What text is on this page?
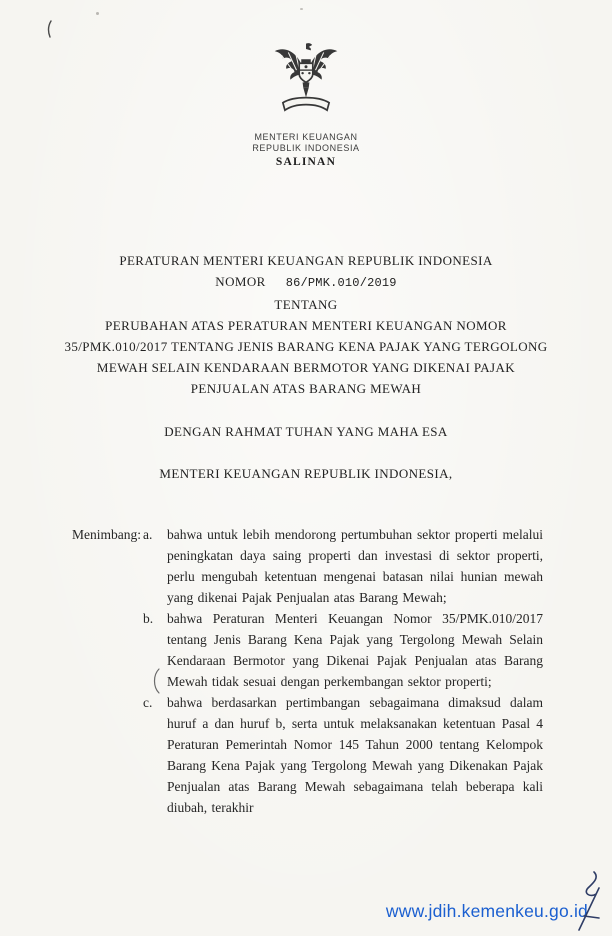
MENTERI KEUANGAN
REPUBLIK INDONESIA
SALINAN
PERATURAN MENTERI KEUANGAN REPUBLIK INDONESIA
NOMOR 86/PMK.010/2019
TENTANG
PERUBAHAN ATAS PERATURAN MENTERI KEUANGAN NOMOR 35/PMK.010/2017 TENTANG JENIS BARANG KENA PAJAK YANG TERGOLONG MEWAH SELAIN KENDARAAN BERMOTOR YANG DIKENAI PAJAK PENJUALAN ATAS BARANG MEWAH
DENGAN RAHMAT TUHAN YANG MAHA ESA
MENTERI KEUANGAN REPUBLIK INDONESIA,
Menimbang: a.	bahwa untuk lebih mendorong pertumbuhan sektor properti melalui peningkatan daya saing properti dan investasi di sektor properti, perlu mengubah ketentuan mengenai batasan nilai hunian mewah yang dikenai Pajak Penjualan atas Barang Mewah;
b.	bahwa Peraturan Menteri Keuangan Nomor 35/PMK.010/2017 tentang Jenis Barang Kena Pajak yang Tergolong Mewah Selain Kendaraan Bermotor yang Dikenai Pajak Penjualan atas Barang Mewah tidak sesuai dengan perkembangan sektor properti;
c.	bahwa berdasarkan pertimbangan sebagaimana dimaksud dalam huruf a dan huruf b, serta untuk melaksanakan ketentuan Pasal 4 Peraturan Pemerintah Nomor 145 Tahun 2000 tentang Kelompok Barang Kena Pajak yang Tergolong Mewah yang Dikenakan Pajak Penjualan atas Barang Mewah sebagaimana telah beberapa kali diubah, terakhir
www.jdih.kemenkeu.go.id
